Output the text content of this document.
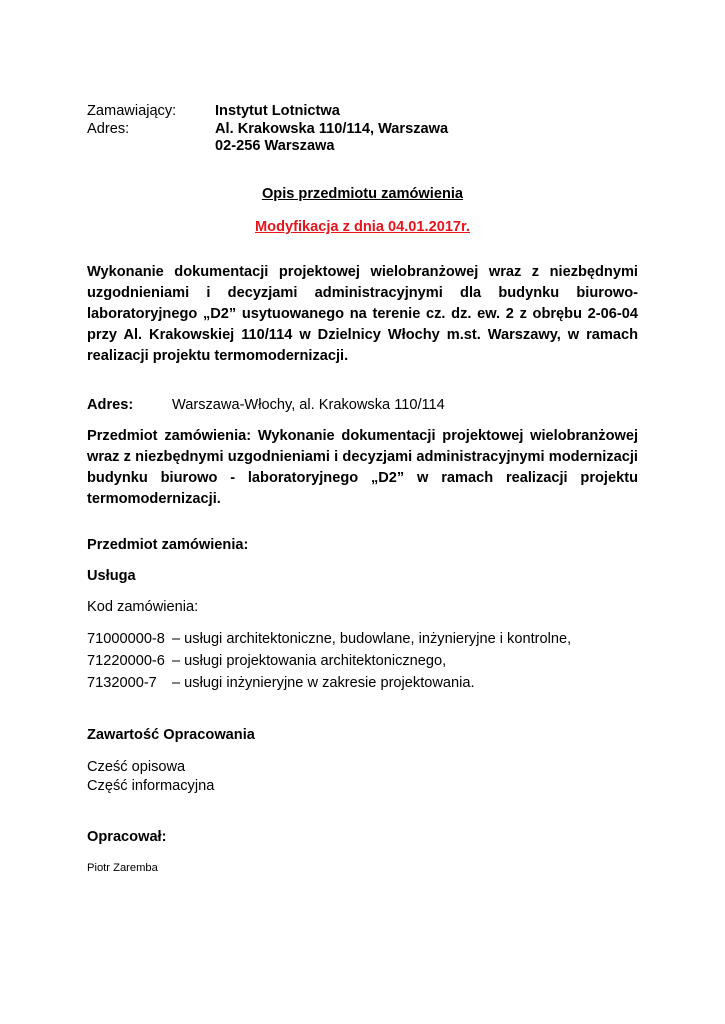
Zamawiający:	Instytut Lotnictwa
Adres:	Al. Krakowska 110/114, Warszawa
02-256 Warszawa
Opis przedmiotu zamówienia
Modyfikacja z dnia 04.01.2017r.
Wykonanie dokumentacji projektowej wielobranżowej wraz z niezbędnymi uzgodnieniami i decyzjami administracyjnymi dla budynku biurowo-laboratoryjnego „D2” usytuowanego na terenie cz. dz. ew. 2 z obrębu 2-06-04 przy Al. Krakowskiej 110/114 w Dzielnicy Włochy m.st. Warszawy, w ramach realizacji projektu termomodernizacji.
Adres:	Warszawa-Włochy, al. Krakowska 110/114
Przedmiot zamówienia: Wykonanie dokumentacji projektowej wielobranżowej wraz z niezbędnymi uzgodnieniami i decyzjami administracyjnymi modernizacji budynku biurowo - laboratoryjnego „D2” w ramach realizacji projektu termomodernizacji.
Przedmiot zamówienia:
Usługa
Kod zamówienia:
71000000-8 – usługi architektoniczne, budowlane, inżynieryjne i kontrolne,
71220000-6 – usługi projektowania architektonicznego,
7132000-7 – usługi inżynieryjne w zakresie projektowania.
Zawartość Opracowania
Cześć opisowa
Część informacyjna
Opracował:
Piotr Zaremba
